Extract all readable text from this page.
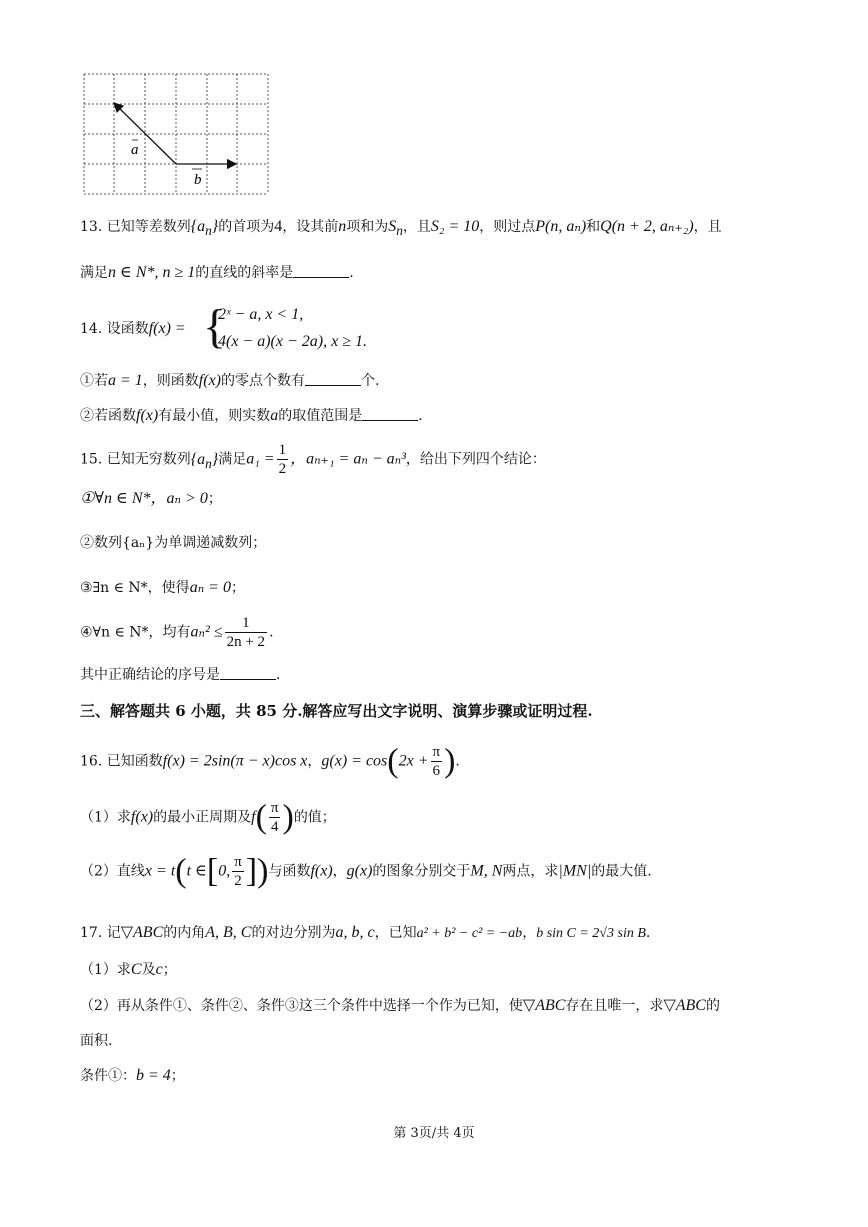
a
b
13. 已知等差数列$\{a_n\}$的首项为4，设其前n项和为$S_n$，且S₂ = 10，则过点P(n, aₙ)和Q(n + 2, aₙ₊₂)，且
满足n ∈ N*, n ≥ 1的直线的斜率是	.
14. 设函数f(x) = {
2ˣ − a, x < 1,
4(x − a)(x − 2a), x ≥ 1.
①若a = 1，则函数f(x)的零点个数有	个.
②若函数f(x)有最小值，则实数a的取值范围是	.
15. 已知无穷数列$\{a_n\}$满足$a_1 = \frac{1}{2}$ ，aₙ₊₁ = aₙ − aₙ³，给出下列四个结论：
①∀n ∈ N*，aₙ > 0；
②数列{aₙ}为单调递减数列；
③∃n ∈ N*，使得aₙ = 0；
④∀n ∈ N*，均有$a_n^2 \le \frac{1}{2n + 2}$ .
其中正确结论的序号是	.
三、解答题共 6 小题，共 85 分.解答应写出文字说明、演算步骤或证明过程.
16. 已知函数f(x) = 2sin(π − x)cos x，$g(x) = \cos(2x + \frac{\pi}{6}$ ).
（1）求f(x)的最小正周期及$f( \frac{\pi}{4}$ )的值；
（2）直线x = t(t ∈[0, $\frac{\pi}{2}$ ])与函数f(x)，g(x)的图象分别交于M, N两点，求|MN|的最大值.
17. 记▽ABC的内角A, B, C的对边分别为a, b, c，已知a² + b² − c² = −ab，b sin C = 2√3 sin B.
（1）求C及c；
（2）再从条件①、条件②、条件③这三个条件中选择一个作为已知，使▽ABC存在且唯一，求▽ABC的
面积.
条件①：b = 4；
第 3页/共 4页
